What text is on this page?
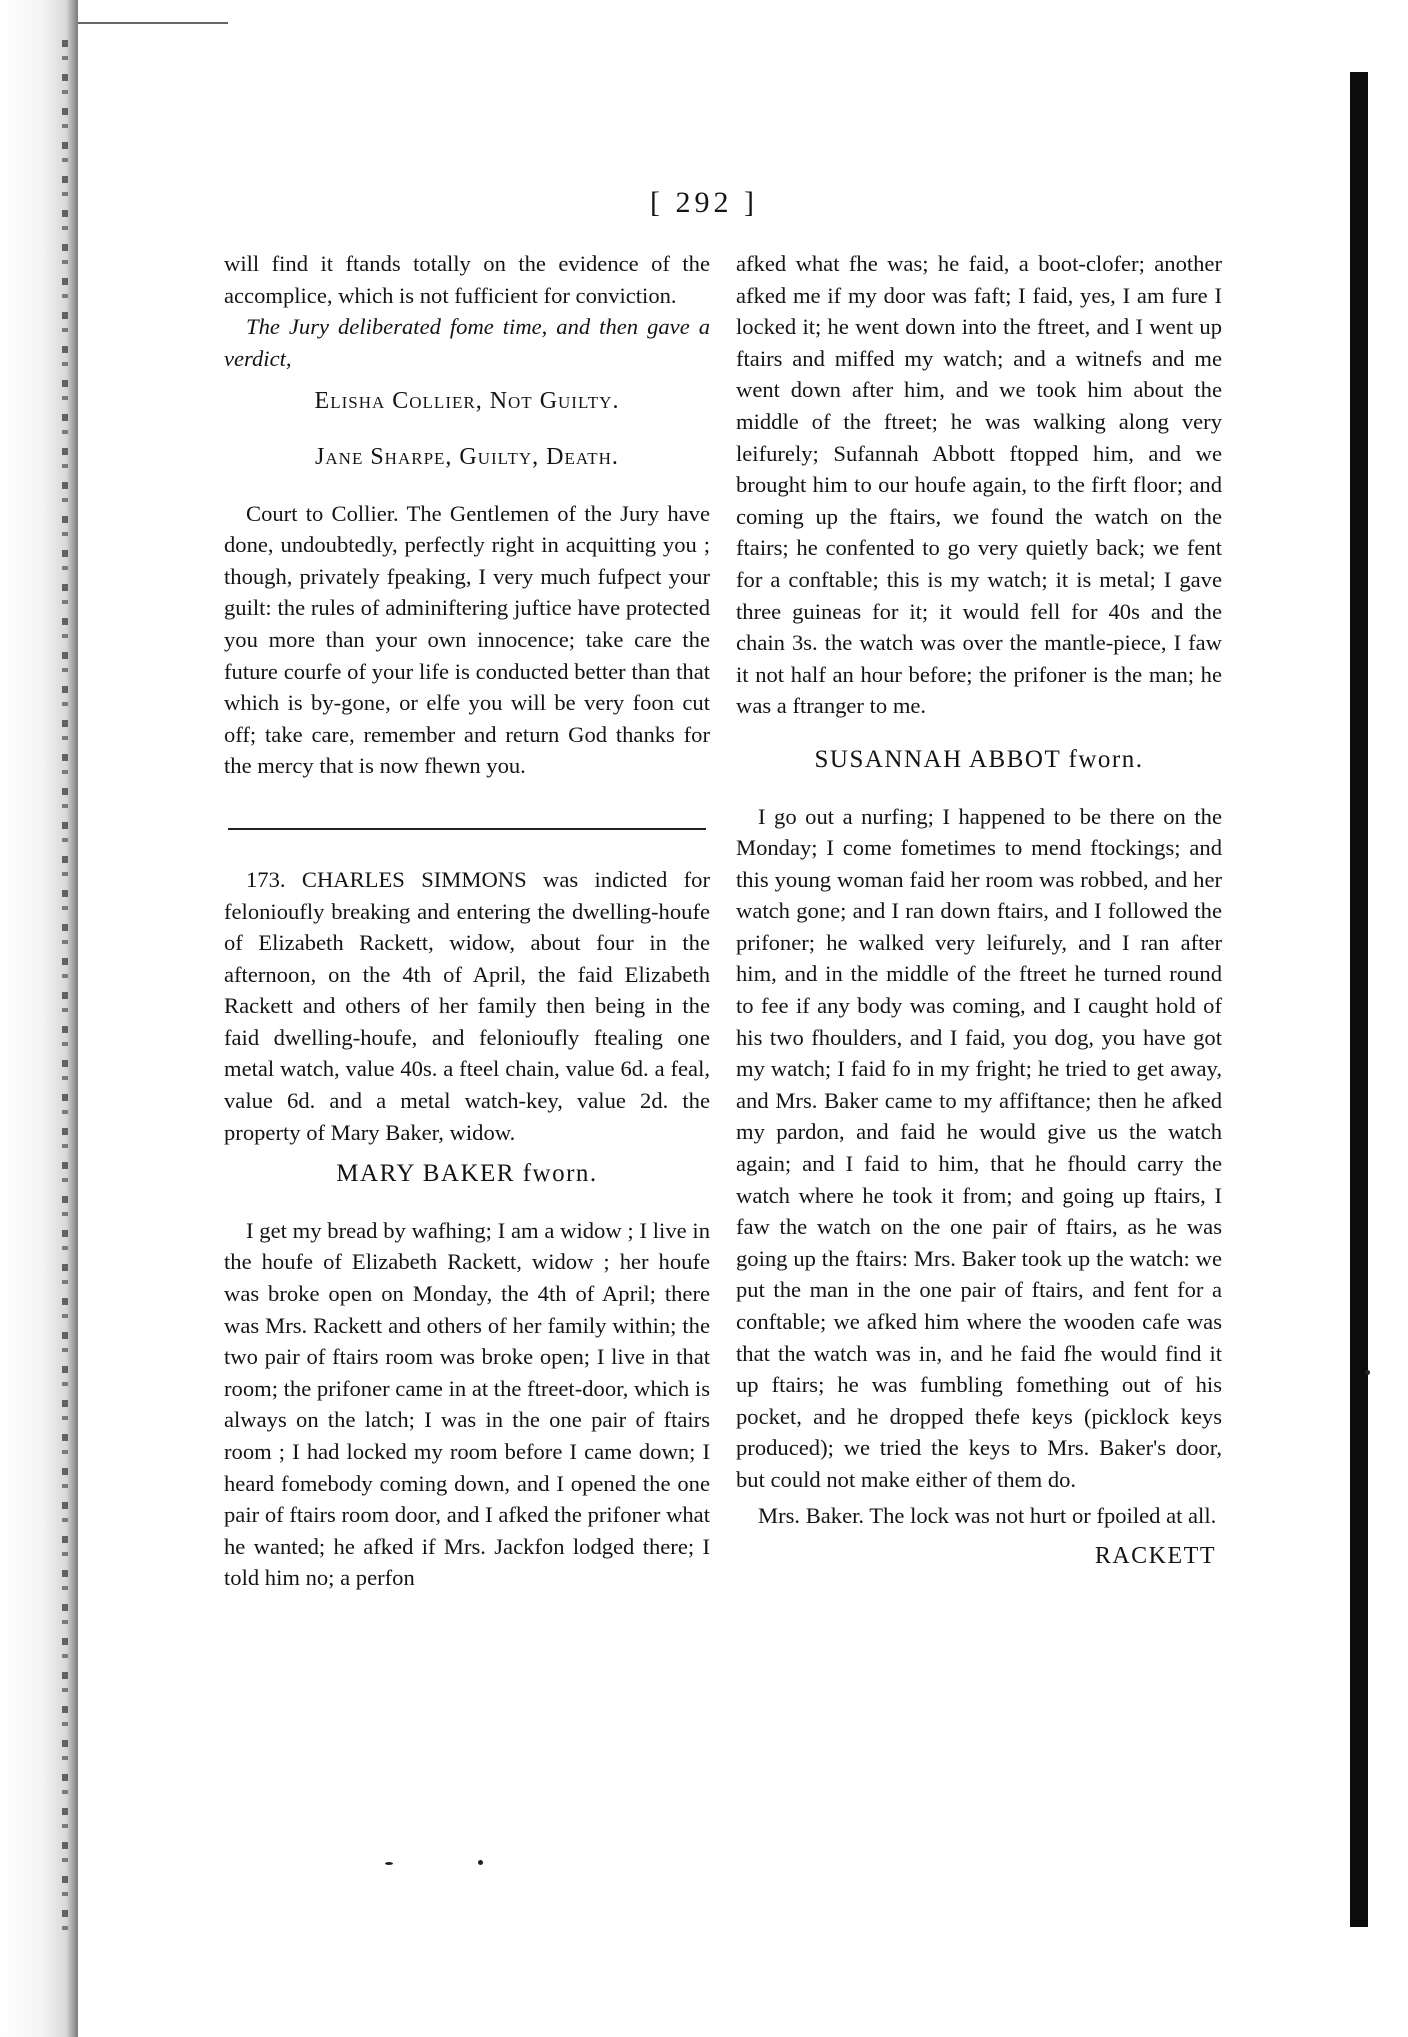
[ 292 ]

will find it ftands totally on the evidence of the accomplice, which is not fufficient for conviction.

The Jury deliberated fome time, and then gave a verdict,

Elisha Collier, Not Guilty.

Jane Sharpe, Guilty, Death.

Court to Collier. The Gentlemen of the Jury have done, undoubtedly, perfectly right in acquitting you ; though, privately fpeaking, I very much fufpect your guilt: the rules of adminiftering juftice have protected you more than your own innocence; take care the future courfe of your life is conducted better than that which is by-gone, or elfe you will be very foon cut off; take care, remember and return God thanks for the mercy that is now fhewn you.

173. CHARLES SIMMONS was indicted for felonioufly breaking and entering the dwelling-houfe of Elizabeth Rackett, widow, about four in the afternoon, on the 4th of April, the faid Elizabeth Rackett and others of her family then being in the faid dwelling-houfe, and felonioufly ftealing one metal watch, value 40s. a fteel chain, value 6d. a feal, value 6d. and a metal watch-key, value 2d. the property of Mary Baker, widow.

MARY BAKER fworn.

I get my bread by wafhing; I am a widow ; I live in the houfe of Elizabeth Rackett, widow ; her houfe was broke open on Monday, the 4th of April; there was Mrs. Rackett and others of her family within; the two pair of ftairs room was broke open; I live in that room; the prifoner came in at the ftreet-door, which is always on the latch; I was in the one pair of ftairs room ; I had locked my room before I came down; I heard fomebody coming down, and I opened the one pair of ftairs room door, and I afked the prifoner what he wanted; he afked if Mrs. Jackfon lodged there; I told him no; a perfon

afked what fhe was; he faid, a boot-clofer; another afked me if my door was faft; I faid, yes, I am fure I locked it; he went down into the ftreet, and I went up ftairs and miffed my watch; and a witnefs and me went down after him, and we took him about the middle of the ftreet; he was walking along very leifurely; Sufannah Abbott ftopped him, and we brought him to our houfe again, to the firft floor; and coming up the ftairs, we found the watch on the ftairs; he confented to go very quietly back; we fent for a conftable; this is my watch; it is metal; I gave three guineas for it; it would fell for 40s and the chain 3s. the watch was over the mantle-piece, I faw it not half an hour before; the prifoner is the man; he was a ftranger to me.

SUSANNAH ABBOT fworn.

I go out a nurfing; I happened to be there on the Monday; I come fometimes to mend ftockings; and this young woman faid her room was robbed, and her watch gone; and I ran down ftairs, and I followed the prifoner; he walked very leifurely, and I ran after him, and in the middle of the ftreet he turned round to fee if any body was coming, and I caught hold of his two fhoulders, and I faid, you dog, you have got my watch; I faid fo in my fright; he tried to get away, and Mrs. Baker came to my affiftance; then he afked my pardon, and faid he would give us the watch again; and I faid to him, that he fhould carry the watch where he took it from; and going up ftairs, I faw the watch on the one pair of ftairs, as he was going up the ftairs: Mrs. Baker took up the watch: we put the man in the one pair of ftairs, and fent for a conftable; we afked him where the wooden cafe was that the watch was in, and he faid fhe would find it up ftairs; he was fumbling fomething out of his pocket, and he dropped thefe keys (picklock keys produced); we tried the keys to Mrs. Baker's door, but could not make either of them do.

Mrs. Baker. The lock was not hurt or fpoiled at all.

RACKETT
